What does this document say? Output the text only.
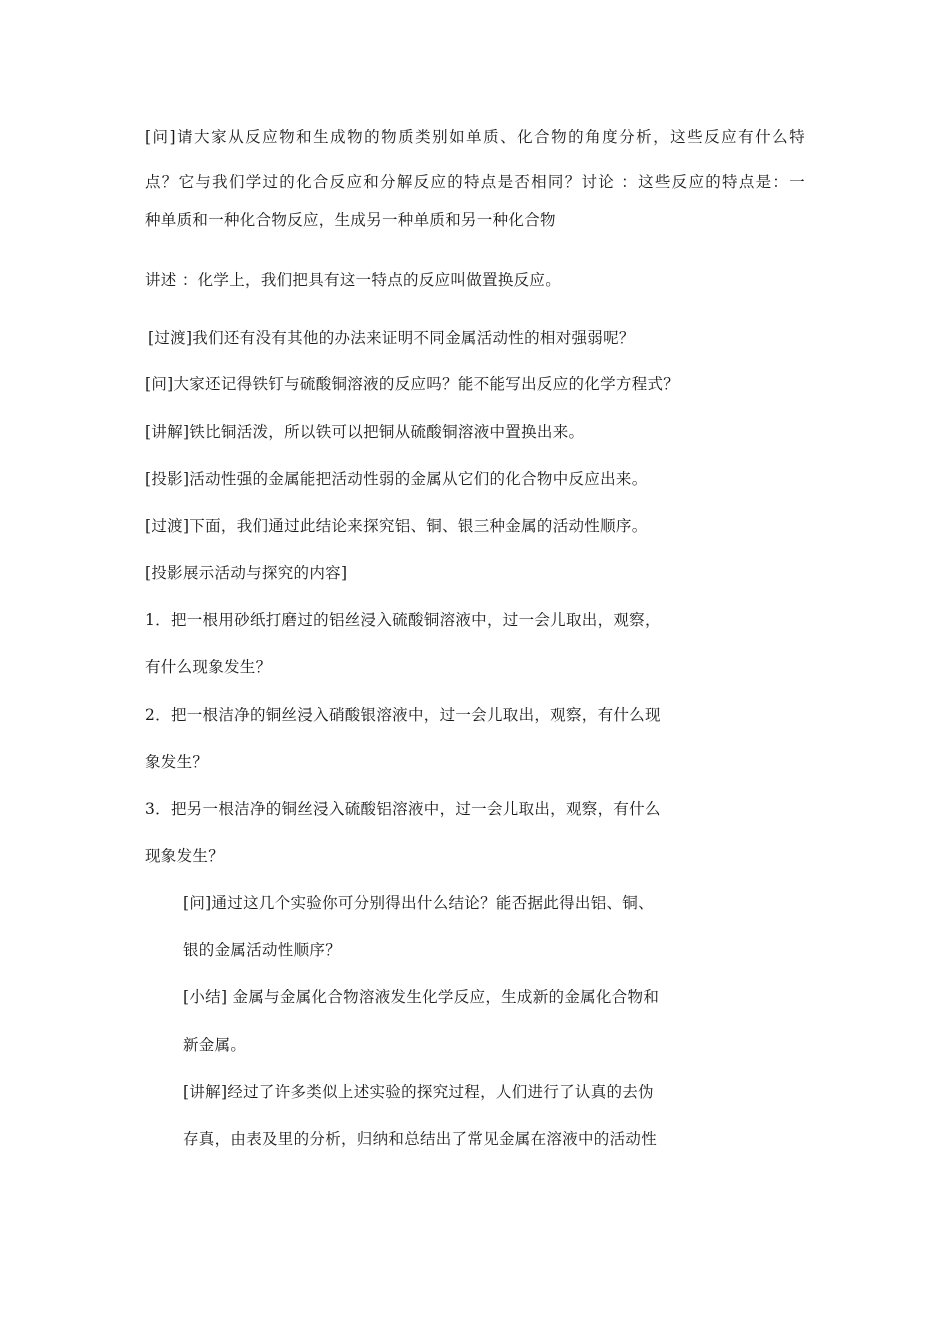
[问]请大家从反应物和生成物的物质类别如单质、化合物的角度分析，这些反应有什么特
点？它与我们学过的化合反应和分解反应的特点是否相同？讨论 ：这些反应的特点是：一
种单质和一种化合物反应，生成另一种单质和另一种化合物
讲述 ：化学上，我们把具有这一特点的反应叫做置换反应。
[过渡]我们还有没有其他的办法来证明不同金属活动性的相对强弱呢？
[问]大家还记得铁钉与硫酸铜溶液的反应吗？能不能写出反应的化学方程式？
[讲解]铁比铜活泼，所以铁可以把铜从硫酸铜溶液中置换出来。
[投影]活动性强的金属能把活动性弱的金属从它们的化合物中反应出来。
[过渡]下面，我们通过此结论来探究铝、铜、银三种金属的活动性顺序。
[投影展示活动与探究的内容]
1．把一根用砂纸打磨过的铝丝浸入硫酸铜溶液中，过一会儿取出，观察，
有什么现象发生？
2．把一根洁净的铜丝浸入硝酸银溶液中，过一会儿取出，观察，有什么现
象发生？
3．把另一根洁净的铜丝浸入硫酸铝溶液中，过一会儿取出，观察，有什么
现象发生？
[问]通过这几个实验你可分别得出什么结论？能否据此得出铝、铜、
银的金属活动性顺序？
[小结] 金属与金属化合物溶液发生化学反应，生成新的金属化合物和
新金属。
[讲解]经过了许多类似上述实验的探究过程，人们进行了认真的去伪
存真，由表及里的分析，归纳和总结出了常见金属在溶液中的活动性
